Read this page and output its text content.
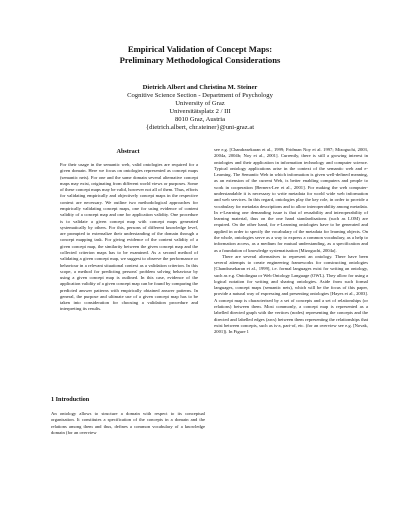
Empirical Validation of Concept Maps:
Preliminary Methodological Considerations
Dietrich Albert and Christina M. Steiner
Cognitive Science Section - Department of Psychology
University of Graz
Universitätsplatz 2 / III
8010 Graz, Austria
{dietrich.albert, chr.steiner}@uni-graz.at
Abstract

For their usage in the semantic web, valid ontologies are required for a given domain. Here we focus on ontologies represented as concept maps (semantic nets). For one and the same domain several alternative concept maps may exist, originating from different world views or purposes. Some of these concept maps may be valid, however not all of them. Thus, efforts for validating empirically and objectively concept maps in the respective context are necessary. We outline two methodological approaches for empirically validating concept maps, one for using evidence of content validity of a concept map and one for application validity. One procedure is to validate a given concept map with concept maps generated systematically by others. For this, persons of different knowledge level, are prompted to externalize their understanding of the domain through a concept mapping task. For giving evidence of the content validity of a given concept map, the similarity between the given concept map and the collected criterion maps has to be examined. As a second method of validating a given concept map, we suggest to observe the performance or behaviour in a relevant situational context as a validation criterion. In this scope, a method for predicting persons' problem solving behaviour by using a given concept map is outlined. In this case, evidence of the application validity of a given concept map can be found by comparing the predicted answer patterns with empirically obtained answer patterns. In general, the purpose and ultimate use of a given concept map has to be taken into consideration for choosing a validation procedure and interpreting its results.

1 Introduction

An ontology allows to structure a domain with respect to its conceptual organisation. It constitutes a specification of the concepts in a domain and the relations among them and thus, defines a common vocabulary of a knowledge domain (for an overview

see e.g. [Chandrasekaran et al., 1999; Fridman Noy et al. 1997; Mizoguchi, 2003, 2004a, 2004b; Noy et al., 2001]. Currently, there is still a growing interest in ontologies and their application in information technology and computer science. Typical ontology applications arise in the context of the semantic web and e-Learning. The Semantic Web in which information is given well-defined meaning, as an extension of the current Web, is better enabling computers and people to work in cooperation [Berners-Lee et al., 2001]. For making the web computer-understandable it is necessary to write metadata for world wide web information and web services. In this regard, ontologies play the key role, in order to provide a vocabulary for metadata descriptions and to allow interoperability among metadata. In e-Learning one demanding issue is that of reusability and interoperability of learning material, thus on the one hand standardisations (such as LOM) are required. On the other hand, for e-Learning ontologies have to be generated and applied in order to specify the vocabulary of the metadata for learning objects. On the whole, ontologies serve as a way to express a common vocabulary, as a help to information access, as a medium for mutual understanding, as a specification and as a foundation of knowledge systematisation [Mizoguchi, 2004a].

There are several alternatives to represent an ontology. There have been several attempts to create engineering frameworks for constructing ontologies [Chandrasekaran et al., 1999], i.e. formal languages exist for writing an ontology, such as e.g. Ontolingua or Web Ontology Language (OWL). They allow for using a logical notation for writing and sharing ontologies. Aside from such formal languages, concept maps (semantic nets), which will be the focus of this paper, provide a natural way of expressing and presenting ontologies [Hayes et al., 2003]. A concept map is characterised by a set of concepts and a set of relationships (or relations) between them. Most commonly, a concept map is represented as a labelled directed graph with the vertices (nodes) representing the concepts and the directed and labelled edges (arcs) between them representing the relationships that exist between concepts, such as is-a, part-of, etc. (for an overview see e.g. [Novak, 2001]). In Figure 1
